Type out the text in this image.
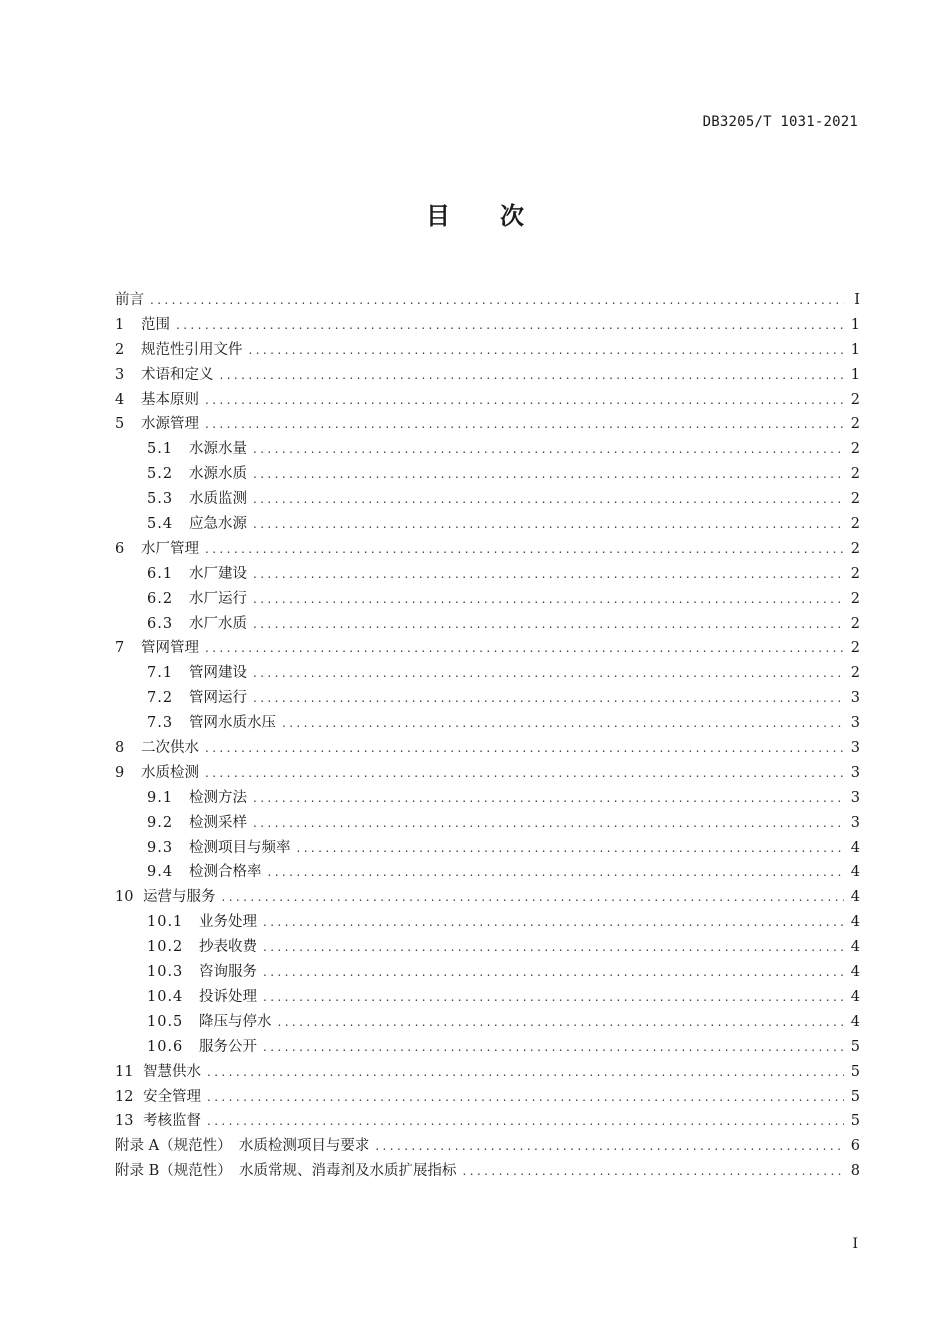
DB3205/T 1031-2021
目 次
前言 .....	I
1	范围 .....	1
2	规范性引用文件 .....	1
3	术语和定义 .....	1
4	基本原则 .....	2
5	水源管理 .....	2
5.1	水源水量 .....	2
5.2	水源水质 .....	2
5.3	水质监测 .....	2
5.4	应急水源 .....	2
6	水厂管理 .....	2
6.1	水厂建设 .....	2
6.2	水厂运行 .....	2
6.3	水厂水质 .....	2
7	管网管理 .....	2
7.1	管网建设 .....	2
7.2	管网运行 .....	3
7.3	管网水质水压 .....	3
8	二次供水 .....	3
9	水质检测 .....	3
9.1	检测方法 .....	3
9.2	检测采样 .....	3
9.3	检测项目与频率 .....	4
9.4	检测合格率 .....	4
10 运营与服务 .....	4
10.1	业务处理 .....	4
10.2	抄表收费 .....	4
10.3	咨询服务 .....	4
10.4	投诉处理 .....	4
10.5	降压与停水 .....	4
10.6	服务公开 .....	5
11 智慧供水 .....	5
12 安全管理 .....	5
13 考核监督 .....	5
附录 A（规范性）　水质检测项目与要求 .....	6
附录 B（规范性）　水质常规、消毒剂及水质扩展指标 .....	8
I
